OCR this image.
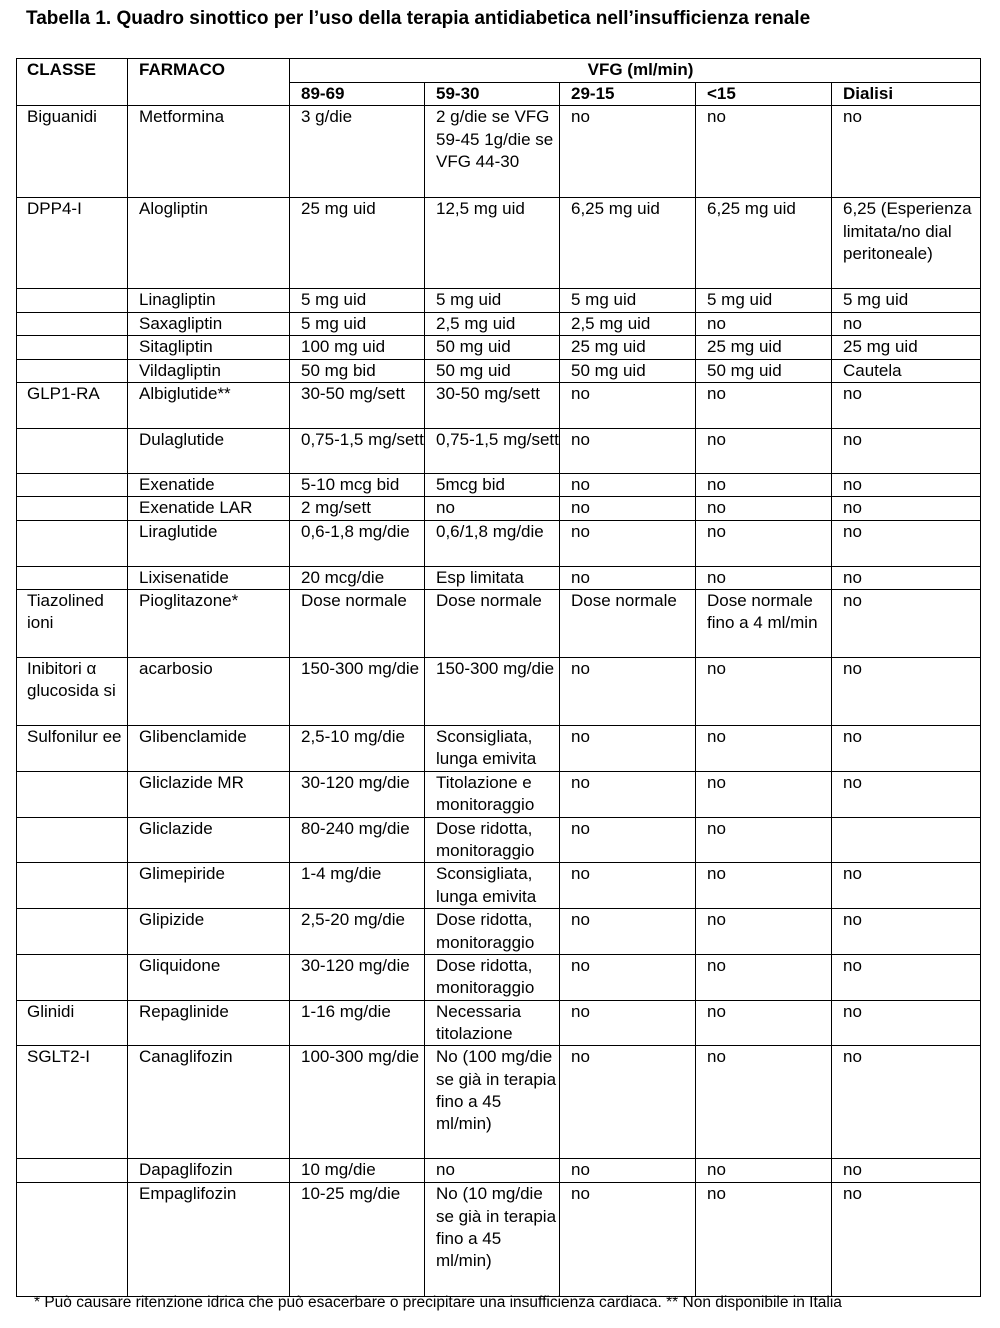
Tabella 1. Quadro sinottico per l’uso della terapia antidiabetica nell’insufficienza renale
CLASSE	FARMACO	VFG (ml/min)				
		89-69	59-30	29-15	<15	Dialisi
Biguanidi	Metformina	3 g/die	2 g/die se VFG 59-45 1g/die se VFG 44-30	no	no	no
DPP4-I	Alogliptin	25 mg uid	12,5 mg uid	6,25 mg uid	6,25 mg uid	6,25 (Esperienza limitata/no dial peritoneale)
	Linagliptin	5 mg uid	5 mg uid	5 mg uid	5 mg uid	5 mg uid
	Saxagliptin	5 mg uid	2,5 mg uid	2,5 mg uid	no	no
	Sitagliptin	100 mg uid	50 mg uid	25 mg uid	25 mg uid	25 mg uid
	Vildagliptin	50 mg bid	50 mg uid	50 mg uid	50 mg uid	Cautela
GLP1-RA	Albiglutide**	30-50 mg/sett	30-50 mg/sett	no	no	no
	Dulaglutide	0,75-1,5 mg/sett	0,75-1,5 mg/sett	no	no	no
	Exenatide	5-10 mcg bid	5mcg bid	no	no	no
	Exenatide LAR	2 mg/sett	no	no	no	no
	Liraglutide	0,6-1,8 mg/die	0,6/1,8 mg/die	no	no	no
	Lixisenatide	20 mcg/die	Esp limitata	no	no	no
Tiazolined ioni	Pioglitazone*	Dose normale	Dose normale	Dose normale	Dose normale fino a 4 ml/min	no
Inibitori α glucosida si	acarbosio	150-300 mg/die	150-300 mg/die	no	no	no
Sulfonilur ee	Glibenclamide	2,5-10 mg/die	Sconsigliata, lunga emivita	no	no	no
	Gliclazide MR	30-120 mg/die	Titolazione e monitoraggio	no	no	no
	Gliclazide	80-240 mg/die	Dose ridotta, monitoraggio	no	no	
	Glimepiride	1-4 mg/die	Sconsigliata, lunga emivita	no	no	no
	Glipizide	2,5-20 mg/die	Dose ridotta, monitoraggio	no	no	no
	Gliquidone	30-120 mg/die	Dose ridotta, monitoraggio	no	no	no
Glinidi	Repaglinide	1-16 mg/die	Necessaria titolazione	no	no	no
SGLT2-I	Canaglifozin	100-300 mg/die	No (100 mg/die se già in terapia fino a 45 ml/min)	no	no	no
	Dapaglifozin	10 mg/die	no	no	no	no
	Empaglifozin	10-25 mg/die	No (10 mg/die se già in terapia fino a 45 ml/min)	no	no	no
* Può causare ritenzione idrica che può esacerbare o precipitare una insufficienza cardiaca. ** Non disponibile in Italia
